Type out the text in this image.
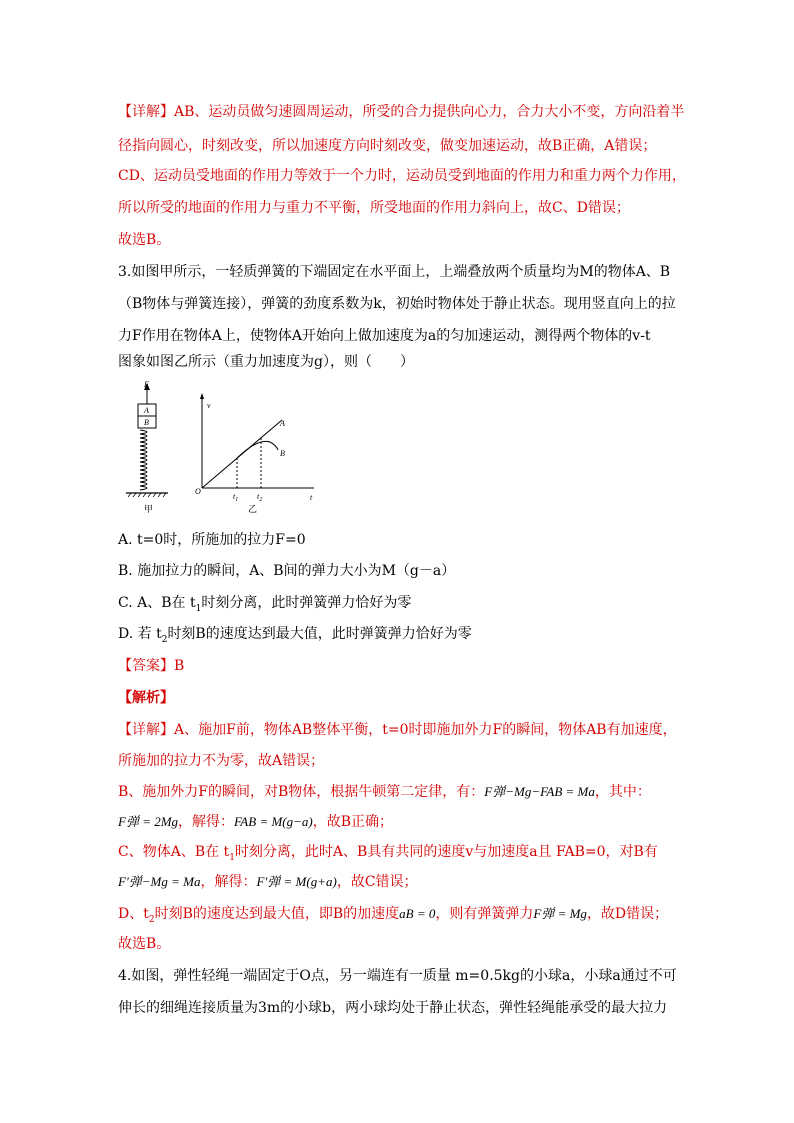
【详解】AB、运动员做匀速圆周运动，所受的合力提供向心力，合力大小不变，方向沿着半
径指向圆心，时刻改变，所以加速度方向时刻改变，做变加速运动，故B正确，A错误；
CD、运动员受地面的作用力等效于一个力时，运动员受到地面的作用力和重力两个力作用，
所以所受的地面的作用力与重力不平衡，所受地面的作用力斜向上，故C、D错误；
故选B。
3.如图甲所示，一轻质弹簧的下端固定在水平面上，上端叠放两个质量均为M的物体A、B
（B物体与弹簧连接），弹簧的劲度系数为k，初始时物体处于静止状态。现用竖直向上的拉
力F作用在物体A上，使物体A开始向上做加速度为a的匀加速运动，测得两个物体的v-t
图象如图乙所示（重力加速度为g），则（　　）
F
A
B
甲
v
t
O
A
B
$t_1$ $t_2$
乙
A. t=0时，所施加的拉力F=0
B. 施加拉力的瞬间，A、B间的弹力大小为M（g－a）
C. A、B在 $t_1$时刻分离，此时弹簧弹力恰好为零
D. 若 $t_2$时刻B的速度达到最大值，此时弹簧弹力恰好为零
【答案】B
【解析】
【详解】A、施加F前，物体AB整体平衡，t=0时即施加外力F的瞬间，物体AB有加速度，
所施加的拉力不为零，故A错误；
B、施加外力F的瞬间，对B物体，根据牛顿第二定律，有：F弹−Mg−FAB = Ma，其中：
F弹 = 2Mg，解得：FAB = M(g−a)，故B正确；
C、物体A、B在 $t_1$时刻分离，此时A、B具有共同的速度v与加速度a且 FAB=0，对B有
F′弹−Mg = Ma，解得：F′弹 = M(g+a)，故C错误；
D、$t_2$时刻B的速度达到最大值，即B的加速度aB = 0，则有弹簧弹力F弹 = Mg，故D错误；
故选B。
4.如图，弹性轻绳一端固定于O点，另一端连有一质量 m=0.5kg的小球a，小球a通过不可
伸长的细绳连接质量为3m的小球b，两小球均处于静止状态，弹性轻绳能承受的最大拉力
